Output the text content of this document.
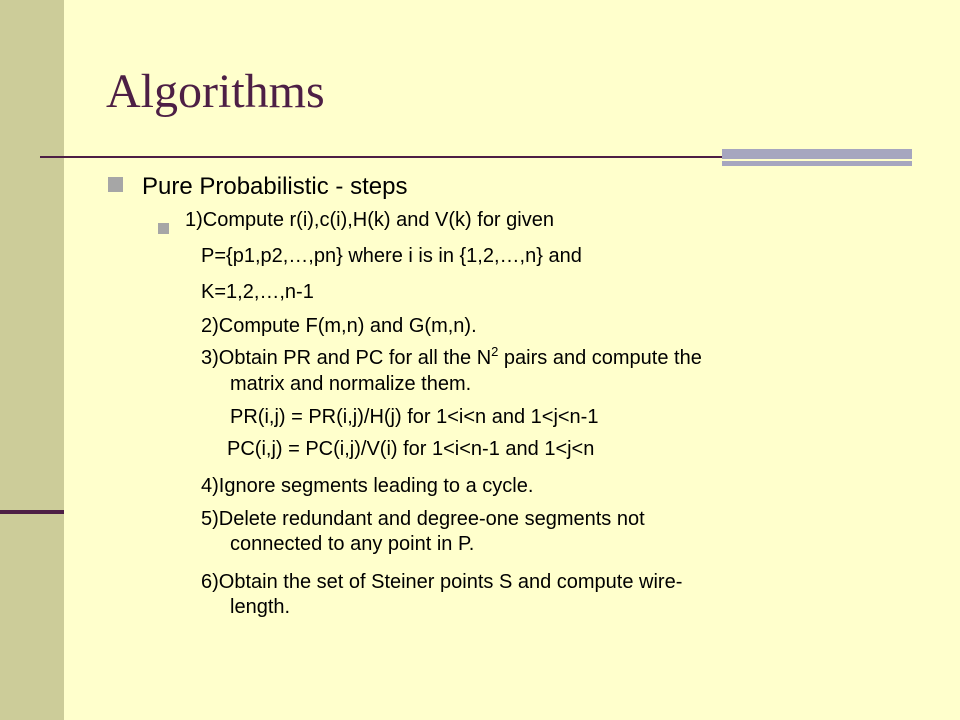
Algorithms

Pure Probabilistic - steps

1)Compute r(i),c(i),H(k) and V(k) for given

P={p1,p2,…,pn} where i is in {1,2,…,n} and

K=1,2,…,n-1

2)Compute F(m,n) and G(m,n).

3)Obtain PR and PC for all the $N^2$ pairs and compute the

matrix and normalize them.

PR(i,j) = PR(i,j)/H(j) for 1<i<n and 1<j<n-1

PC(i,j) = PC(i,j)/V(i) for 1<i<n-1 and 1<j<n

4)Ignore segments leading to a cycle.

5)Delete redundant and degree-one segments not

connected to any point in P.

6)Obtain the set of Steiner points S and compute wire-

length.
